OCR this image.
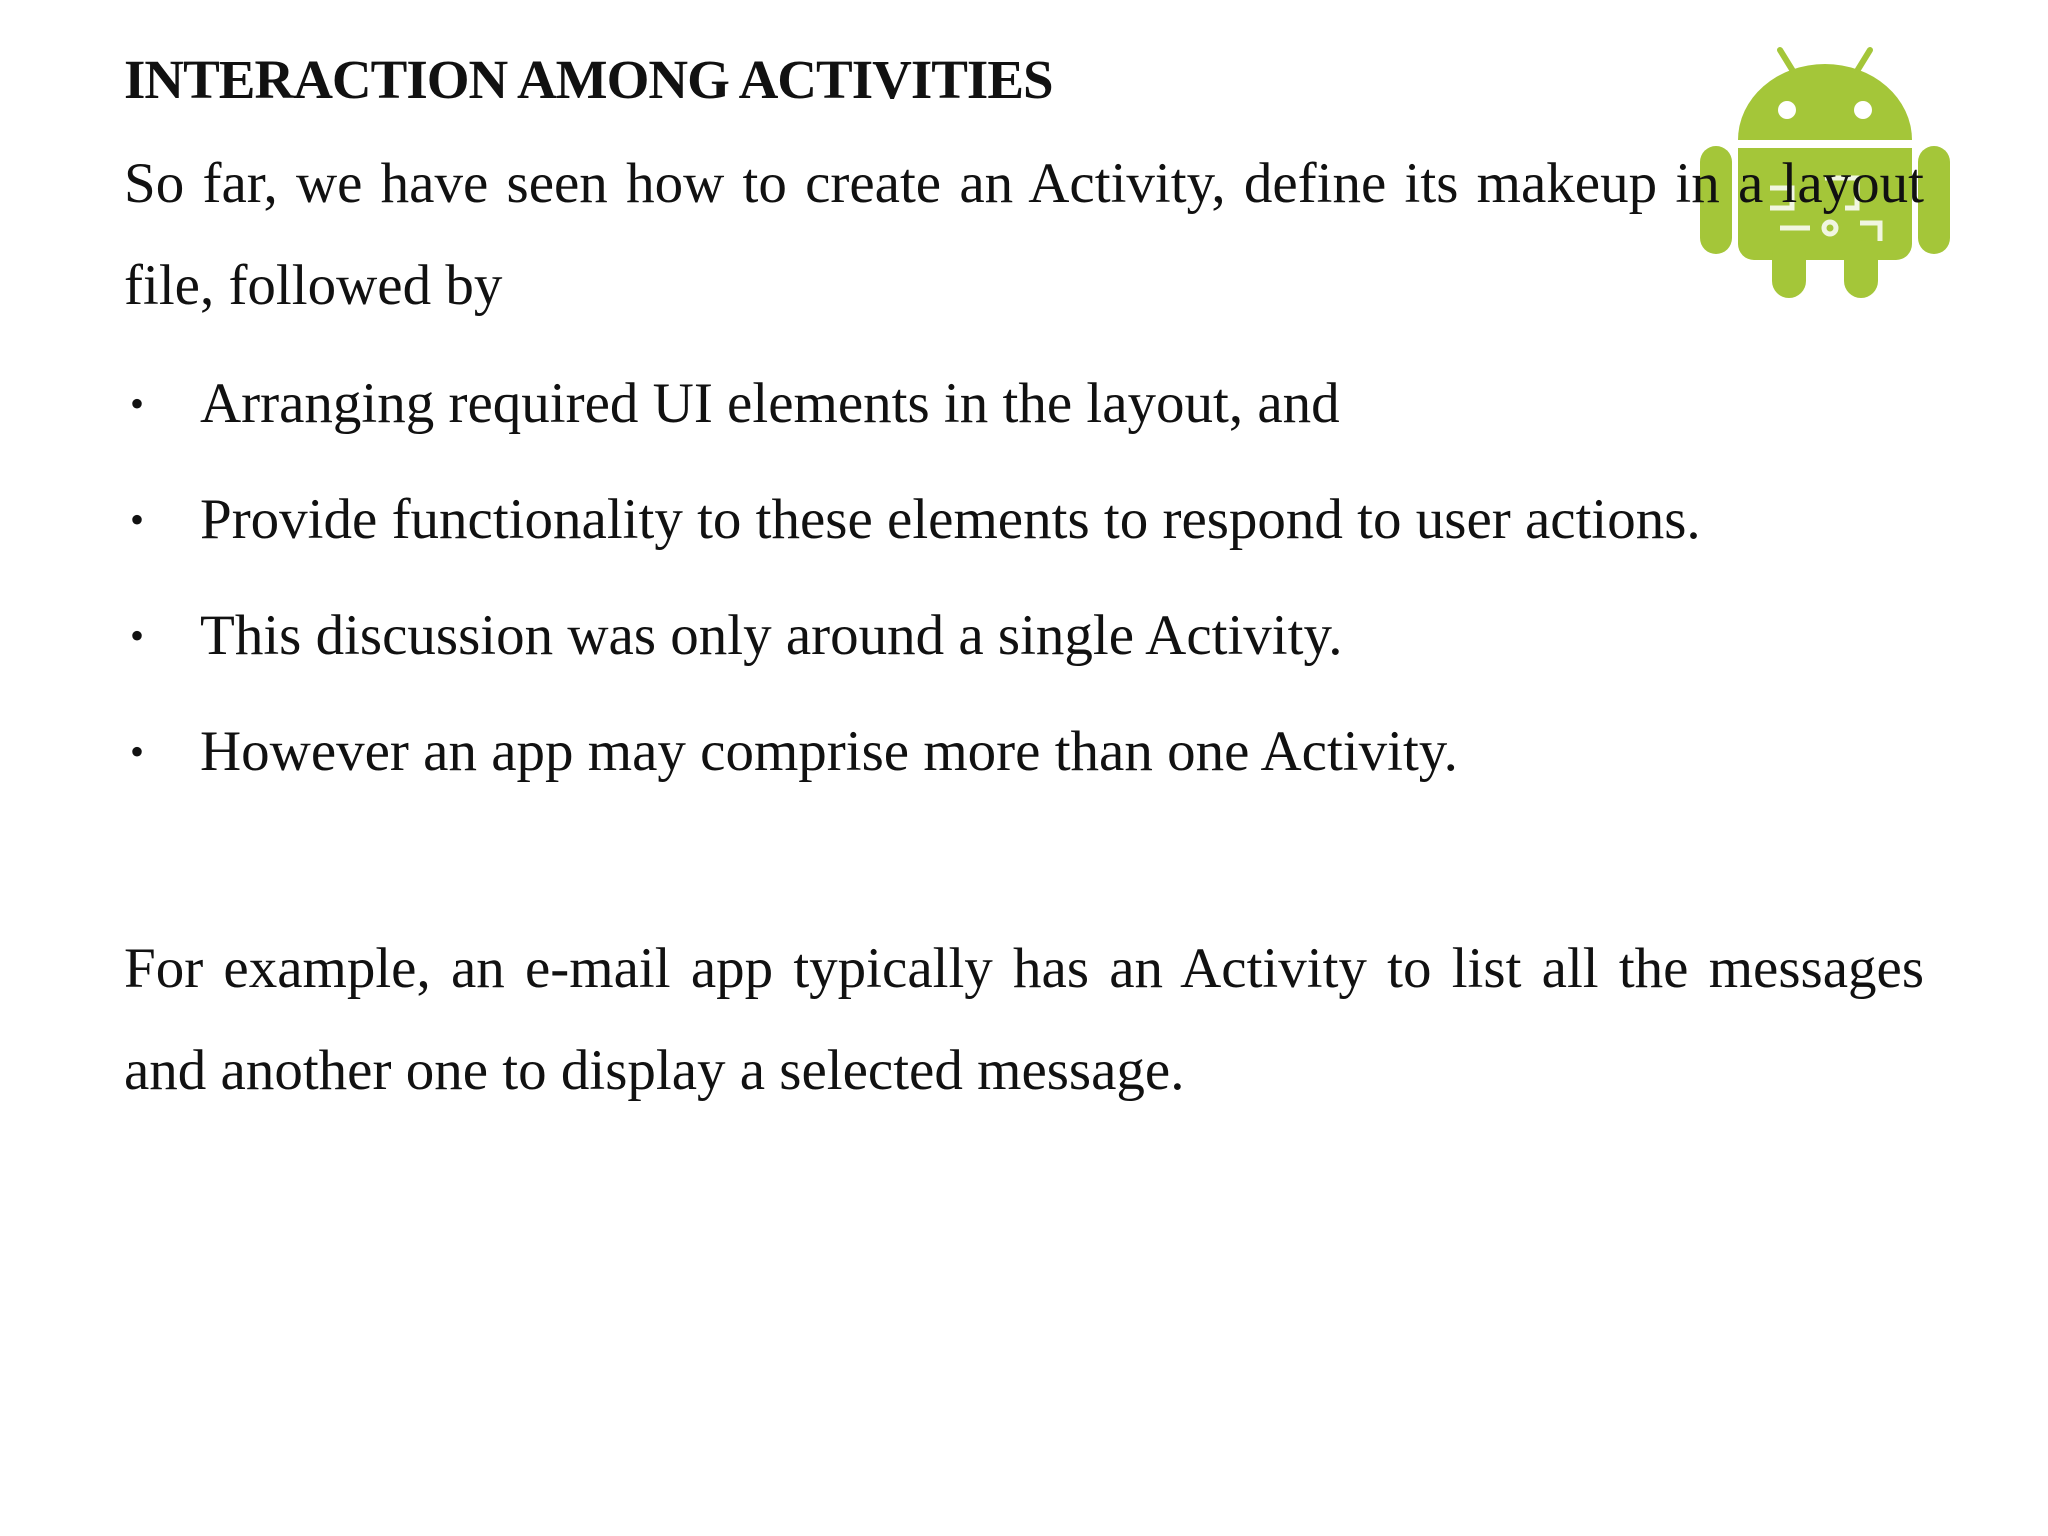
INTERACTION AMONG ACTIVITIES

So far, we have seen how to create an Activity, define its makeup in a layout file, followed by

• Arranging required UI elements in the layout, and
• Provide functionality to these elements to respond to user actions.
• This discussion was only around a single Activity.
• However an app may comprise more than one Activity.

For example, an e-mail app typically has an Activity to list all the messages and another one to display a selected message.
